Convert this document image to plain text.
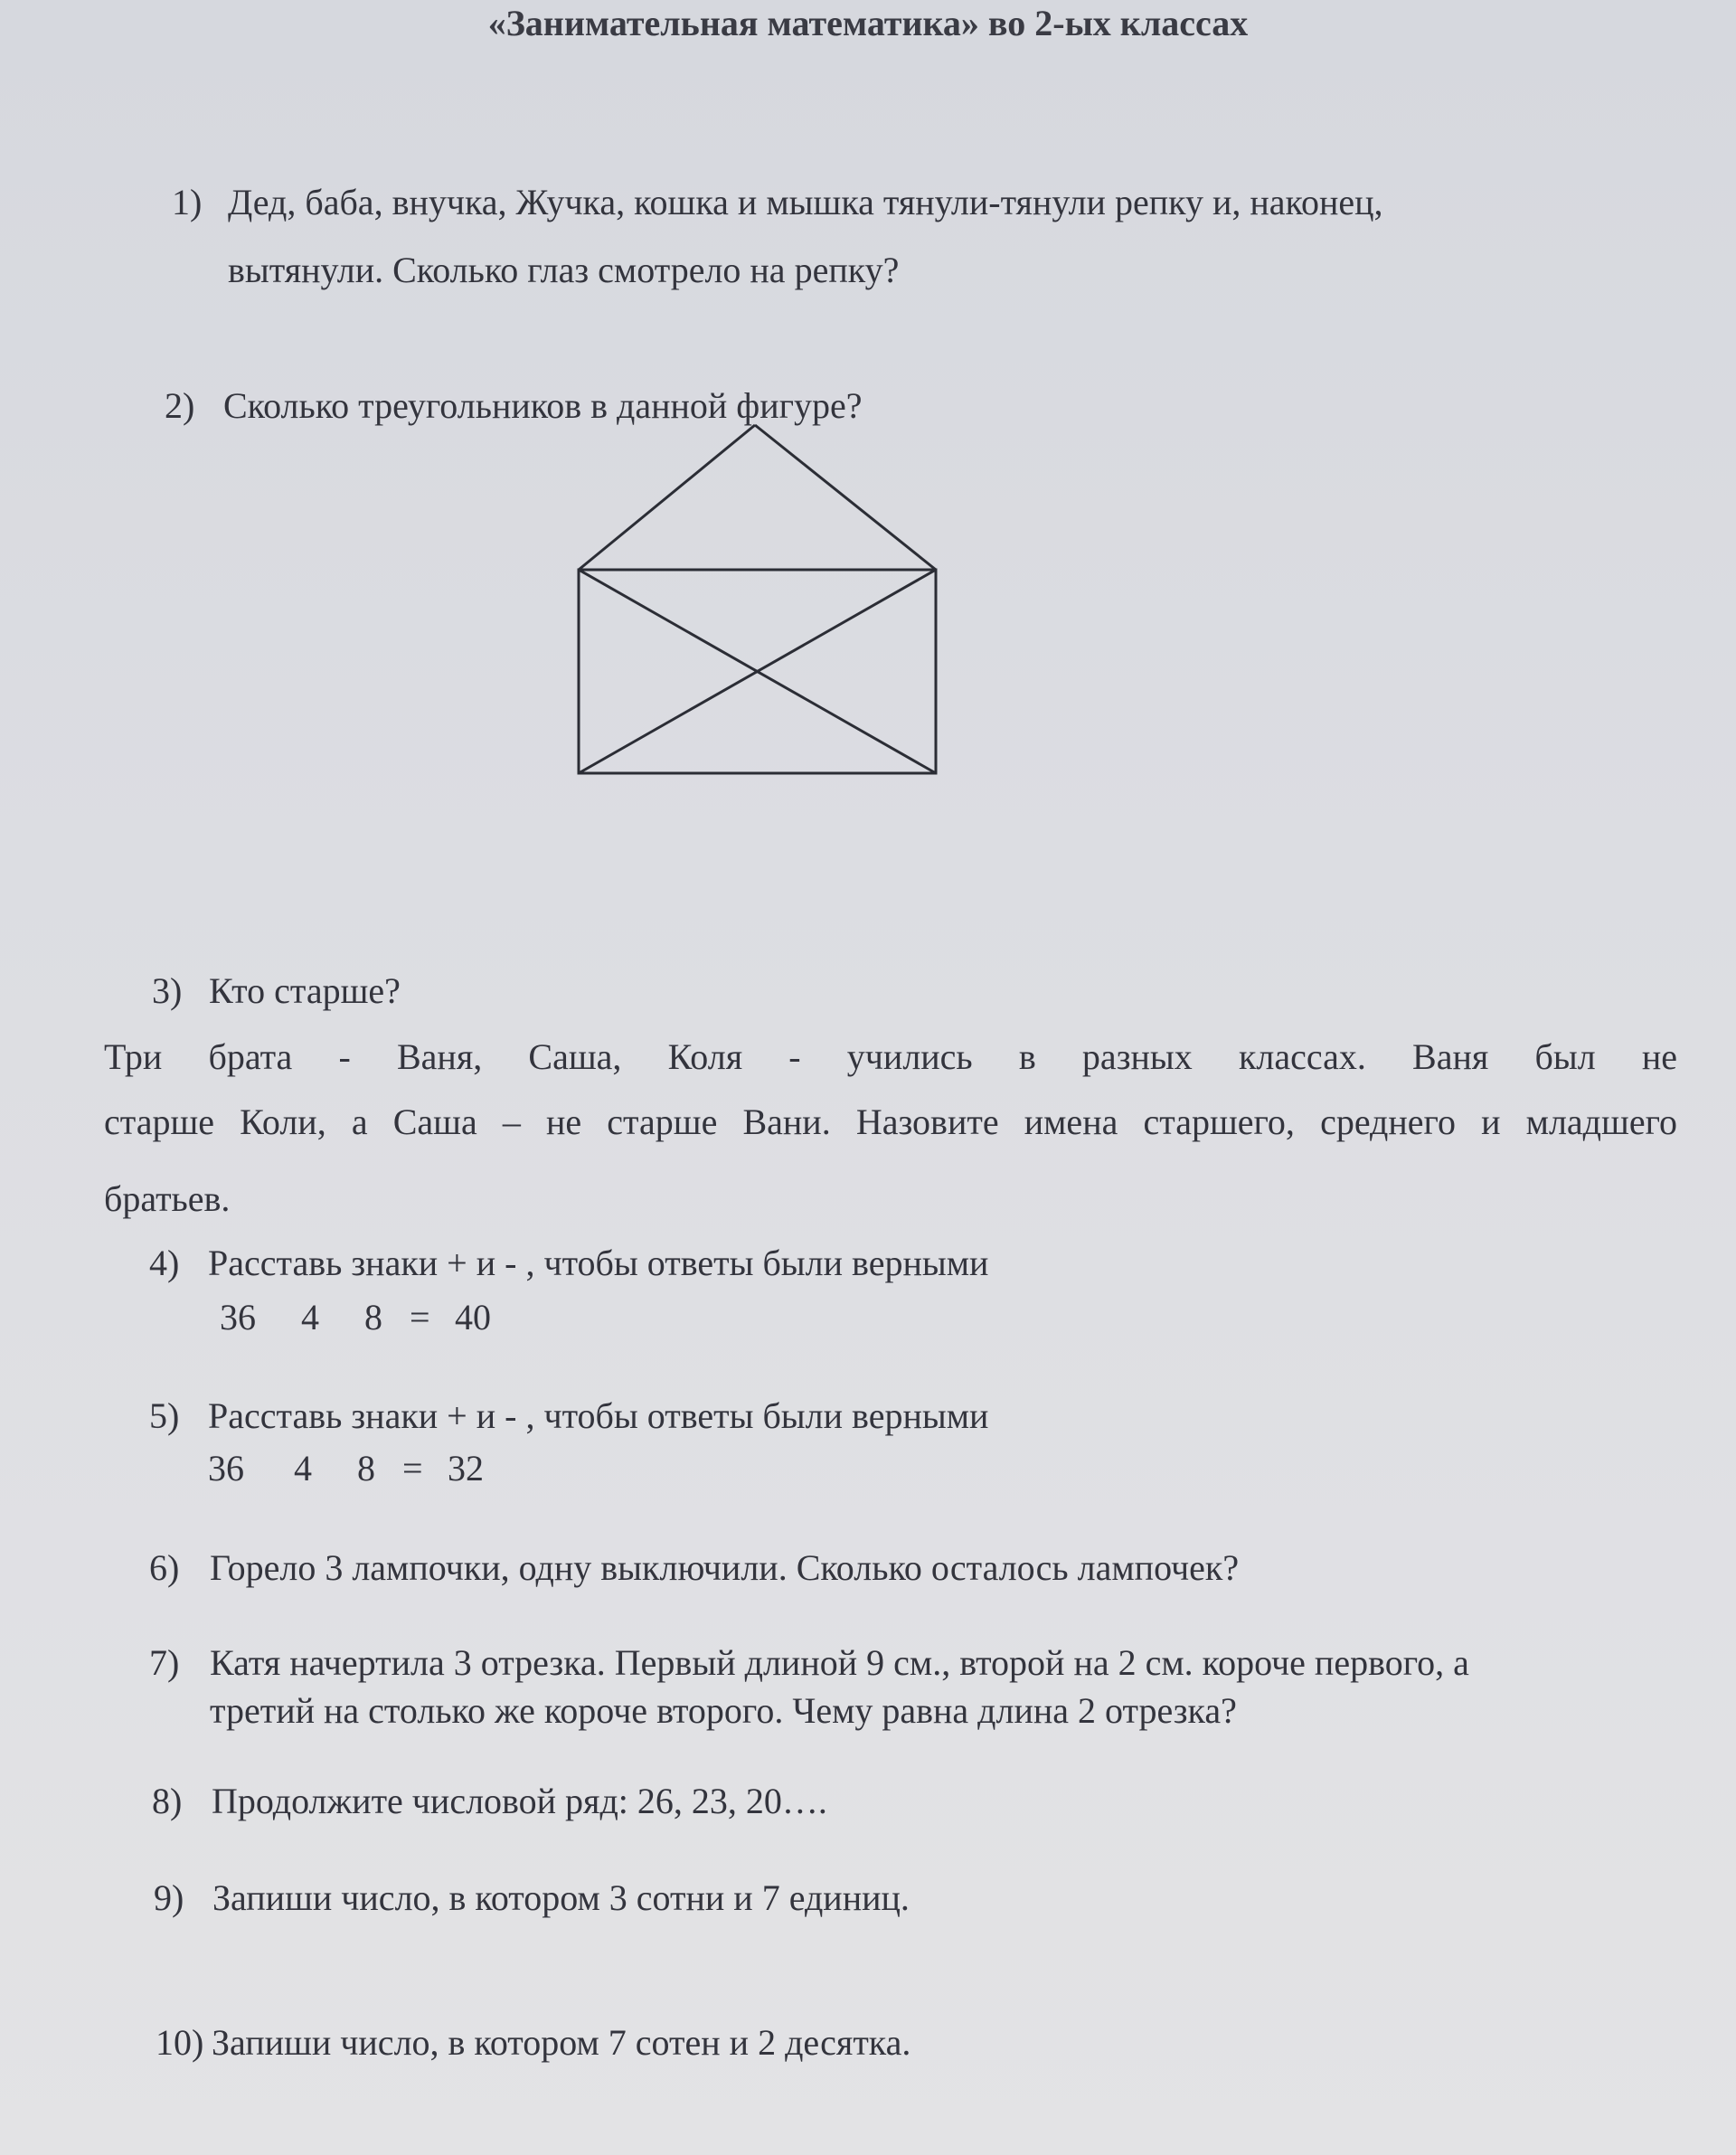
«Занимательная математика» во 2-ых классах
1) Дед, баба, внучка, Жучка, кошка и мышка тянули-тянули репку и, наконец,
вытянули. Сколько глаз смотрело на репку?
2) Сколько треугольников в данной фигуре?
3) Кто старше?
Три брата - Ваня, Саша, Коля - учились в разных классах. Ваня был не
старше Коли, а Саша – не старше Вани. Назовите имена старшего, среднего и младшего
братьев.
4) Расставь знаки + и - , чтобы ответы были верными
36 4 8 = 40
5) Расставь знаки + и - , чтобы ответы были верными
36 4 8 = 32
6) Горело 3 лампочки, одну выключили. Сколько осталось лампочек?
7) Катя начертила 3 отрезка. Первый длиной 9 см., второй на 2 см. короче первого, а
третий на столько же короче второго. Чему равна длина 2 отрезка?
8) Продолжите числовой ряд: 26, 23, 20….
9) Запиши число, в котором 3 сотни и 7 единиц.
10) Запиши число, в котором 7 сотен и 2 десятка.
